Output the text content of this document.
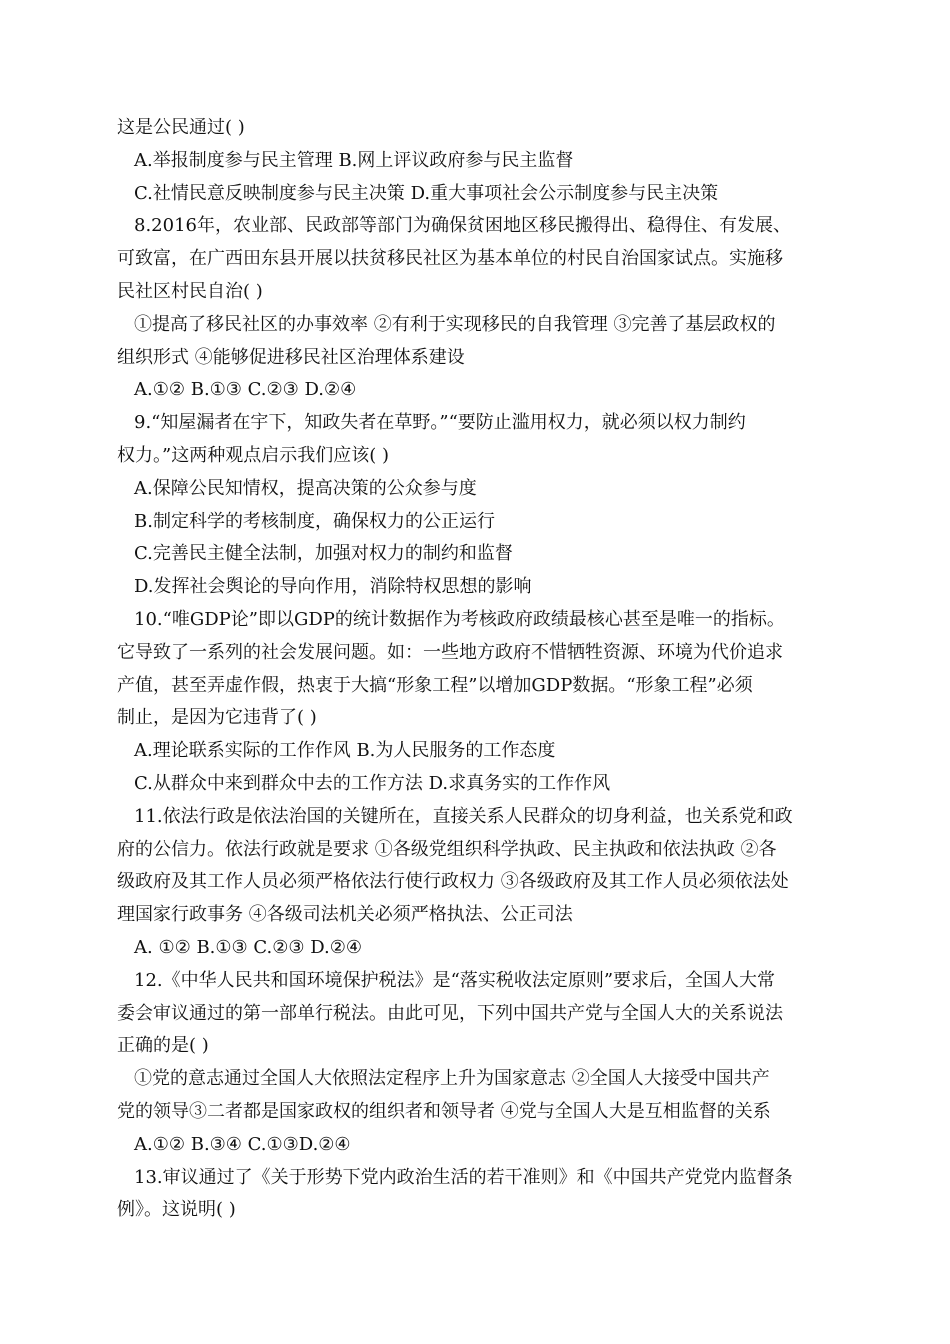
这是公民通过( )
A.举报制度参与民主管理 B.网上评议政府参与民主监督
C.社情民意反映制度参与民主决策 D.重大事项社会公示制度参与民主决策
8.2016年，农业部、民政部等部门为确保贫困地区移民搬得出、稳得住、有发展、
可致富，在广西田东县开展以扶贫移民社区为基本单位的村民自治国家试点。实施移
民社区村民自治( )
①提高了移民社区的办事效率 ②有利于实现移民的自我管理 ③完善了基层政权的
组织形式 ④能够促进移民社区治理体系建设
A.①② B.①③ C.②③ D.②④
9.“知屋漏者在宇下，知政失者在草野。”“要防止滥用权力，就必须以权力制约
权力。”这两种观点启示我们应该( )
A.保障公民知情权，提高决策的公众参与度
B.制定科学的考核制度，确保权力的公正运行
C.完善民主健全法制，加强对权力的制约和监督
D.发挥社会舆论的导向作用，消除特权思想的影响
10.“唯GDP论”即以GDP的统计数据作为考核政府政绩最核心甚至是唯一的指标。
它导致了一系列的社会发展问题。如：一些地方政府不惜牺牲资源、环境为代价追求
产值，甚至弄虚作假，热衷于大搞“形象工程”以增加GDP数据。“形象工程”必须
制止，是因为它违背了( )
A.理论联系实际的工作作风 B.为人民服务的工作态度
C.从群众中来到群众中去的工作方法 D.求真务实的工作作风
11.依法行政是依法治国的关键所在，直接关系人民群众的切身利益，也关系党和政
府的公信力。依法行政就是要求 ①各级党组织科学执政、民主执政和依法执政 ②各
级政府及其工作人员必须严格依法行使行政权力 ③各级政府及其工作人员必须依法处
理国家行政事务 ④各级司法机关必须严格执法、公正司法
A. ①② B.①③ C.②③ D.②④
12.《中华人民共和国环境保护税法》是“落实税收法定原则”要求后，全国人大常
委会审议通过的第一部单行税法。由此可见，下列中国共产党与全国人大的关系说法
正确的是( )
①党的意志通过全国人大依照法定程序上升为国家意志 ②全国人大接受中国共产
党的领导③二者都是国家政权的组织者和领导者 ④党与全国人大是互相监督的关系
A.①② B.③④ C.①③D.②④
13.审议通过了《关于形势下党内政治生活的若干准则》和《中国共产党党内监督条
例》。这说明( )
